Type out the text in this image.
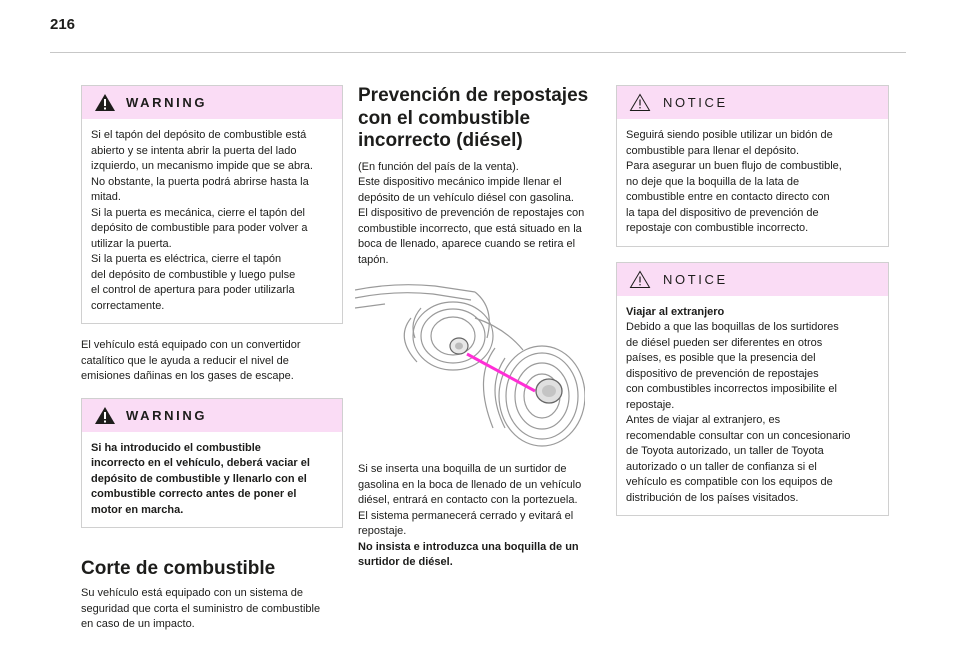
216
WARNING

Si el tapón del depósito de combustible está

abierto y se intenta abrir la puerta del lado

izquierdo, un mecanismo impide que se abra.

No obstante, la puerta podrá abrirse hasta la

mitad.

Si la puerta es mecánica, cierre el tapón del

depósito de combustible para poder volver a

utilizar la puerta.

Si la puerta es eléctrica, cierre el tapón

del depósito de combustible y luego pulse

el control de apertura para poder utilizarla

correctamente.

El vehículo está equipado con un convertidor

catalítico que le ayuda a reducir el nivel de

emisiones dañinas en los gases de escape.

WARNING

Si ha introducido el combustible

incorrecto en el vehículo, deberá vaciar el

depósito de combustible y llenarlo con el

combustible correcto antes de poner el

motor en marcha.

Corte de combustible

Su vehículo está equipado con un sistema de

seguridad que corta el suministro de combustible

en caso de un impacto.

Prevención de repostajes
con el combustible
incorrecto (diésel)

(En función del país de la venta).

Este dispositivo mecánico impide llenar el

depósito de un vehículo diésel con gasolina.

El dispositivo de prevención de repostajes con

combustible incorrecto, que está situado en la

boca de llenado, aparece cuando se retira el

tapón.

Si se inserta una boquilla de un surtidor de

gasolina en la boca de llenado de un vehículo

diésel, entrará en contacto con la portezuela.

El sistema permanecerá cerrado y evitará el

repostaje.

No insista e introduzca una boquilla de un

surtidor de diésel.

NOTICE

Seguirá siendo posible utilizar un bidón de

combustible para llenar el depósito.

Para asegurar un buen flujo de combustible,

no deje que la boquilla de la lata de

combustible entre en contacto directo con

la tapa del dispositivo de prevención de

repostaje con combustible incorrecto.

NOTICE

Viajar al extranjero

Debido a que las boquillas de los surtidores

de diésel pueden ser diferentes en otros

países, es posible que la presencia del

dispositivo de prevención de repostajes

con combustibles incorrectos imposibilite el

repostaje.

Antes de viajar al extranjero, es

recomendable consultar con un concesionario

de Toyota autorizado, un taller de Toyota

autorizado o un taller de confianza si el

vehículo es compatible con los equipos de

distribución de los países visitados.
